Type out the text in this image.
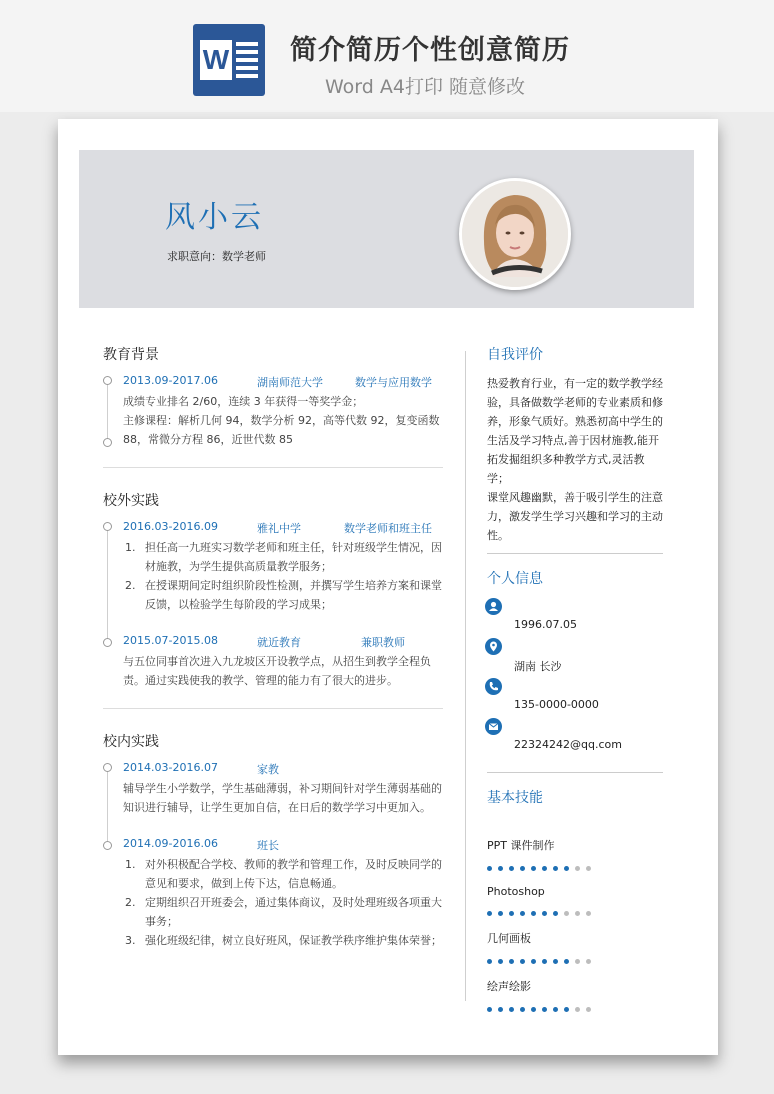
W 简介简历个性创意简历
Word A4打印 随意修改
风小云
求职意向：数学老师
教育背景
2013.09-2017.06	湖南师范大学	数学与应用数学
成绩专业排名 2/60，连续 3 年获得一等奖学金；
主修课程：解析几何 94，数学分析 92，高等代数 92，复变函数
88，常微分方程 86，近世代数 85
校外实践
2016.03-2016.09	雅礼中学	数学老师和班主任
1. 担任高一九班实习数学老师和班主任，针对班级学生情况，因
材施教，为学生提供高质量教学服务；
2. 在授课期间定时组织阶段性检测，并撰写学生培养方案和课堂
反馈，以检验学生每阶段的学习成果；
2015.07-2015.08	就近教育	兼职教师
与五位同事首次进入九龙坡区开设教学点，从招生到教学全程负
责。通过实践使我的教学、管理的能力有了很大的进步。
校内实践
2014.03-2016.07	家教
辅导学生小学数学，学生基础薄弱，补习期间针对学生薄弱基础的
知识进行辅导，让学生更加自信，在日后的数学学习中更加入。
2014.09-2016.06	班长
1. 对外积极配合学校、教师的教学和管理工作，及时反映同学的
意见和要求，做到上传下达，信息畅通。
2. 定期组织召开班委会，通过集体商议，及时处理班级各项重大
事务；
3. 强化班级纪律，树立良好班风，保证教学秩序维护集体荣誉；
自我评价
热爱教育行业，有一定的数学教学经
验，具备做数学老师的专业素质和修
养，形象气质好。熟悉初高中学生的
生活及学习特点,善于因材施教,能开
拓发掘组织多种教学方式,灵活教学；
课堂风趣幽默，善于吸引学生的注意
力，激发学生学习兴趣和学习的主动
性。
个人信息
1996.07.05
湖南 长沙
135-0000-0000
22324242@qq.com
基本技能
PPT 课件制作
Photoshop
几何画板
绘声绘影
